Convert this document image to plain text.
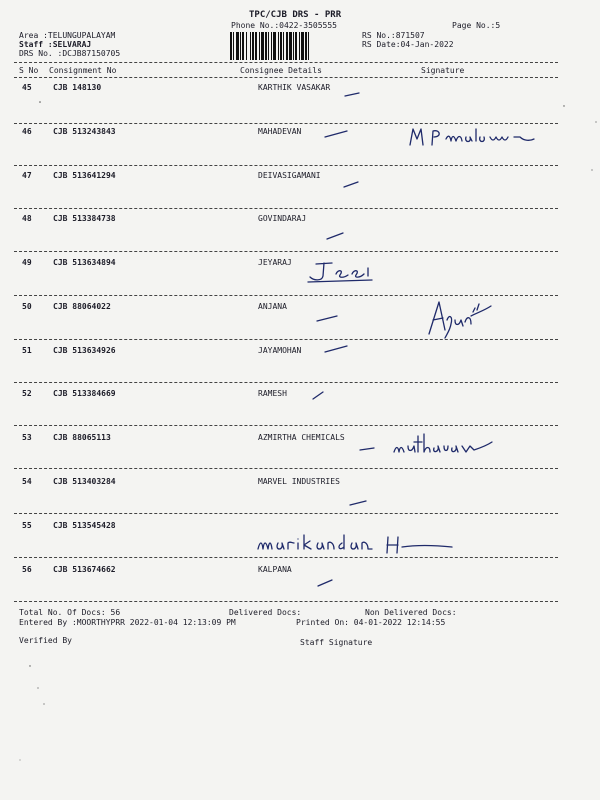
TPC/CJB DRS - PRR
Phone No.:0422-3505555	Page No.:5
Area :TELUNGUPALAYAM
Staff :SELVARAJ
DRS No. :DCJB87150705
RS No.:871507
RS Date:04-Jan-2022
S No Consignment No	Consignee Details	Signature
45	CJB 148130	KARTHIK VASAKAR
46	CJB 513243843	MAHADEVAN
47	CJB 513641294	DEIVASIGAMANI
48	CJB 513384738	GOVINDARAJ
49	CJB 513634894	JEYARAJ
50	CJB 88064022	ANJANA
51	CJB 513634926	JAYAMOHAN
52	CJB 513384669	RAMESH
53	CJB 88065113	AZMIRTHA CHEMICALS
54	CJB 513403284	MARVEL INDUSTRIES
55	CJB 513545428
56	CJB 513674662	KALPANA
Total No. Of Docs: 56	Delivered Docs:	Non Delivered Docs:
Entered By :MOORTHYPRR 2022-01-04 12:13:09 PM	Printed On: 04-01-2022 12:14:55
Verified By	Staff Signature
